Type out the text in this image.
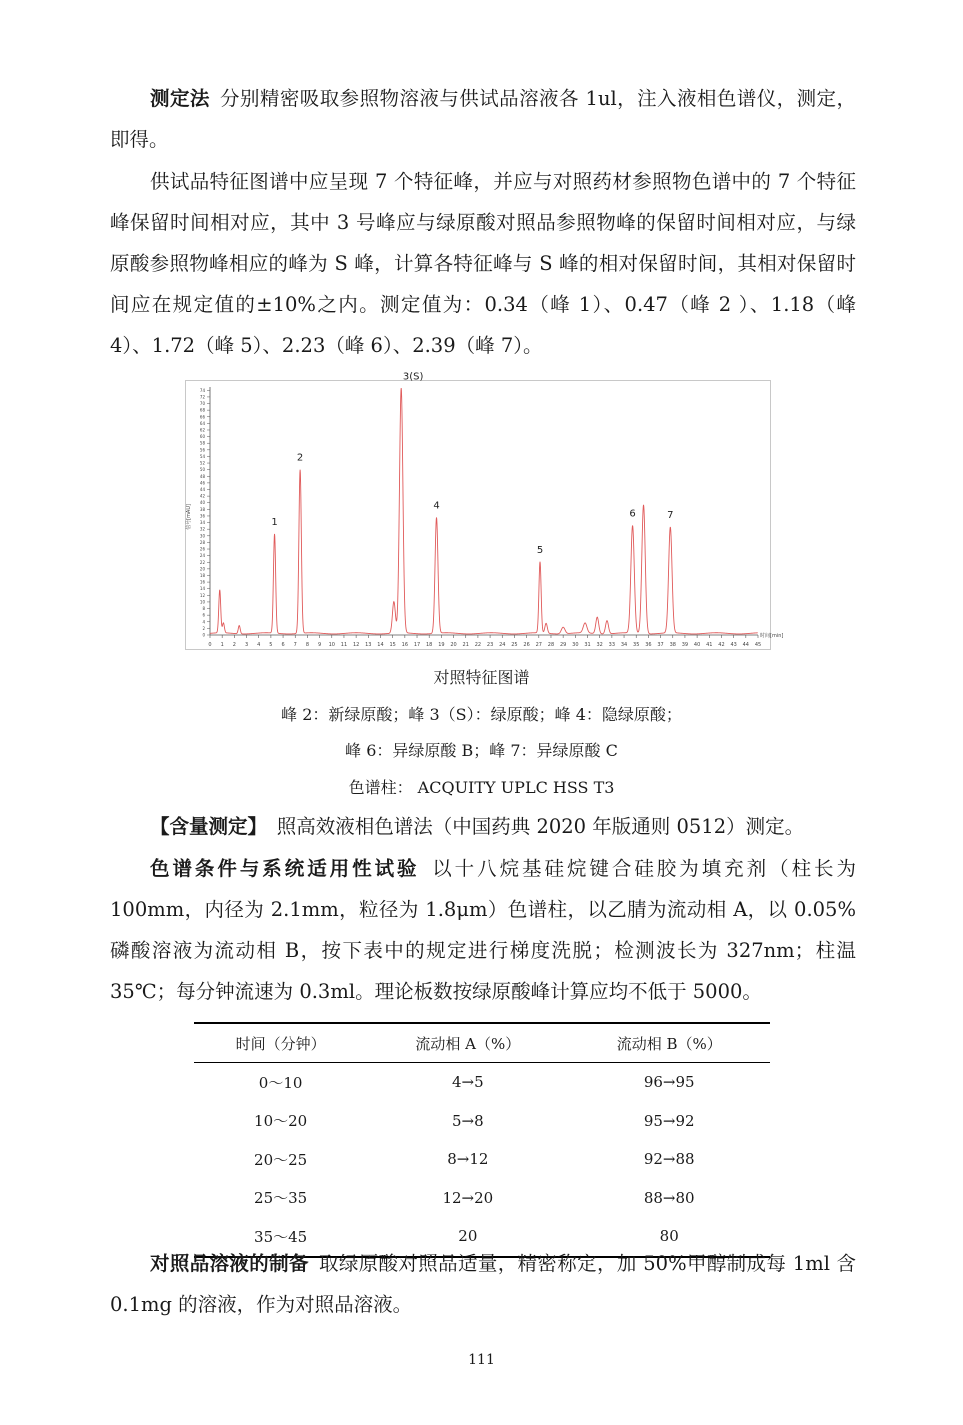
测定法  分别精密吸取参照物溶液与供试品溶液各 1ul，注入液相色谱仪，测定，即得。

供试品特征图谱中应呈现 7 个特征峰，并应与对照药材参照物色谱中的 7 个特征峰保留时间相对应，其中 3 号峰应与绿原酸对照品参照物峰的保留时间相对应，与绿原酸参照物峰相应的峰为 S 峰，计算各特征峰与 S 峰的相对保留时间，其相对保留时间应在规定值的±10%之内。测定值为：0.34（峰 1）、0.47（峰 2 ）、1.18（峰 4）、1.72（峰 5）、2.23（峰 6）、2.39（峰 7）。

0 1 2 3 4 5 6 7 8 9 10 11 12 13 14 15 16 17 18 19 20 21 22 23 24 25 26 27 28 29 30 31 32 33 34 35 36 37 38 39 40 41 42 43 44 45
0
2
4
6
8
10
12
14
16
18
20
22
24
26
28
30
32
34
36
38
40
42
44
46
48
50
52
54
56
58
60
62
64
66
68
70
72
74
信号[mAU]
时间[min]
1
2
3(S)
4
5
6	7
对照特征图谱
峰 2：新绿原酸；峰 3（S）：绿原酸；峰 4：隐绿原酸；
峰 6：异绿原酸 B；峰 7：异绿原酸 C
色谱柱： ACQUITY UPLC HSS T3

【含量测定】  照高效液相色谱法（中国药典 2020 年版通则 0512）测定。

色谱条件与系统适用性试验  以十八烷基硅烷键合硅胶为填充剂（柱长为 100mm，内径为 2.1mm，粒径为 1.8μm）色谱柱，以乙腈为流动相 A，以 0.05%磷酸溶液为流动相 B，按下表中的规定进行梯度洗脱；检测波长为 327nm；柱温 35℃；每分钟流速为 0.3ml。理论板数按绿原酸峰计算应均不低于 5000。

时间（分钟）	流动相 A（%）	流动相 B（%）
0～10	4→5	96→95
10～20	5→8	95→92
20～25	8→12	92→88
25～35	12→20	88→80
35～45	20	80

对照品溶液的制备  取绿原酸对照品适量，精密称定，加 50%甲醇制成每 1ml 含 0.1mg 的溶液，作为对照品溶液。

111
